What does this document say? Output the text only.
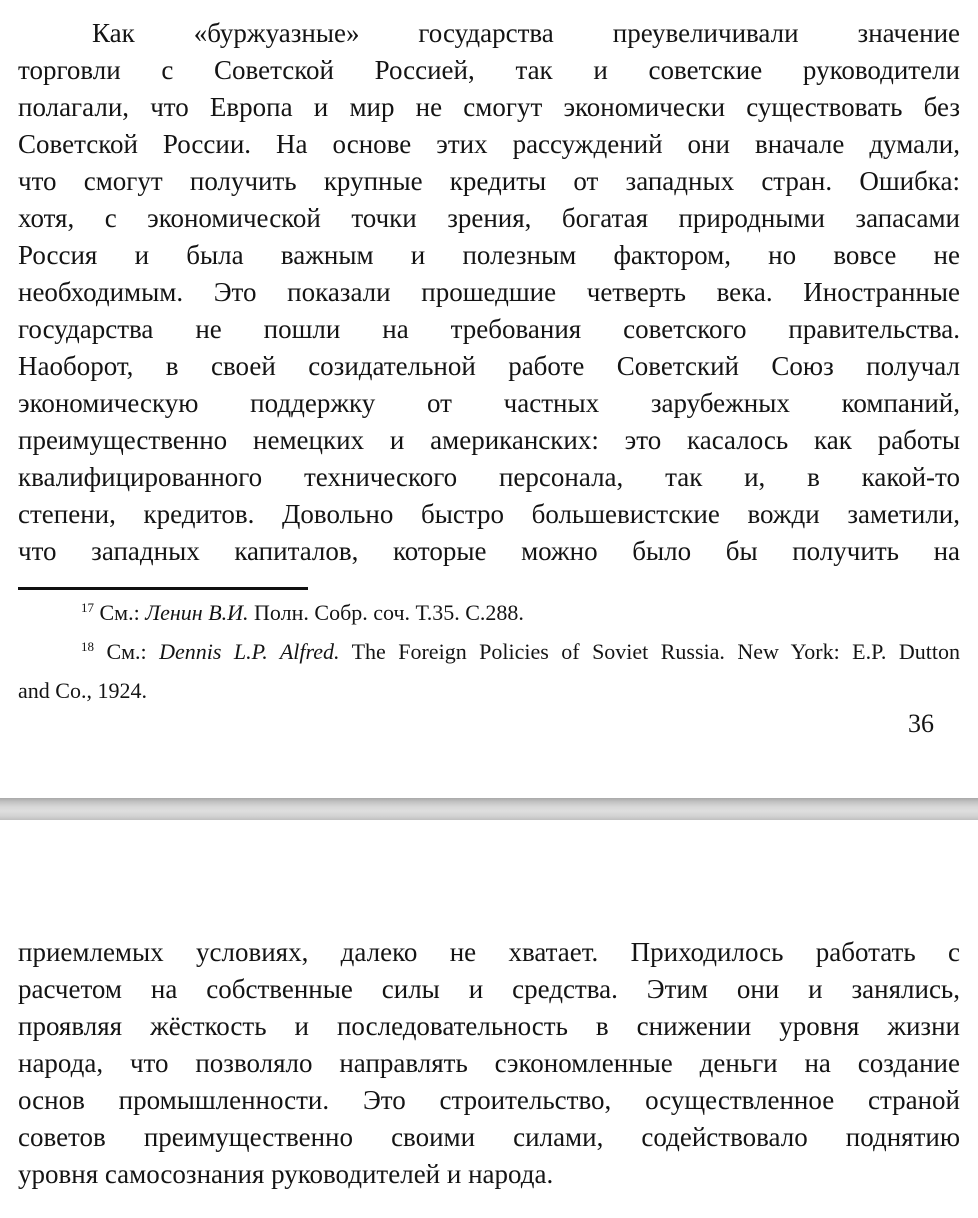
Как «буржуазные» государства преувеличивали значение
торговли с Советской Россией, так и советские руководители
полагали, что Европа и мир не смогут экономически существовать без
Советской России. На основе этих рассуждений они вначале думали,
что смогут получить крупные кредиты от западных стран. Ошибка:
хотя, с экономической точки зрения, богатая природными запасами
Россия и была важным и полезным фактором, но вовсе не
необходимым. Это показали прошедшие четверть века. Иностранные
государства не пошли на требования советского правительства.
Наоборот, в своей созидательной работе Советский Союз получал
экономическую поддержку от частных зарубежных компаний,
преимущественно немецких и американских: это касалось как работы
квалифицированного технического персонала, так и, в какой-то
степени, кредитов. Довольно быстро большевистские вожди заметили,
что западных капиталов, которые можно было бы получить на

$^{17}$ См.: Ленин В.И. Полн. Собр. соч. Т.35. С.288.

$^{18}$ См.: Dennis L.P. Alfred. The Foreign Policies of Soviet Russia. New York: E.P. Dutton

and Co., 1924.

36
приемлемых условиях, далеко не хватает. Приходилось работать с
расчетом на собственные силы и средства. Этим они и занялись,
проявляя жёсткость и последовательность в снижении уровня жизни
народа, что позволяло направлять сэкономленные деньги на создание
основ промышленности. Это строительство, осуществленное страной
советов преимущественно своими силами, содействовало поднятию
уровня самосознания руководителей и народа.
